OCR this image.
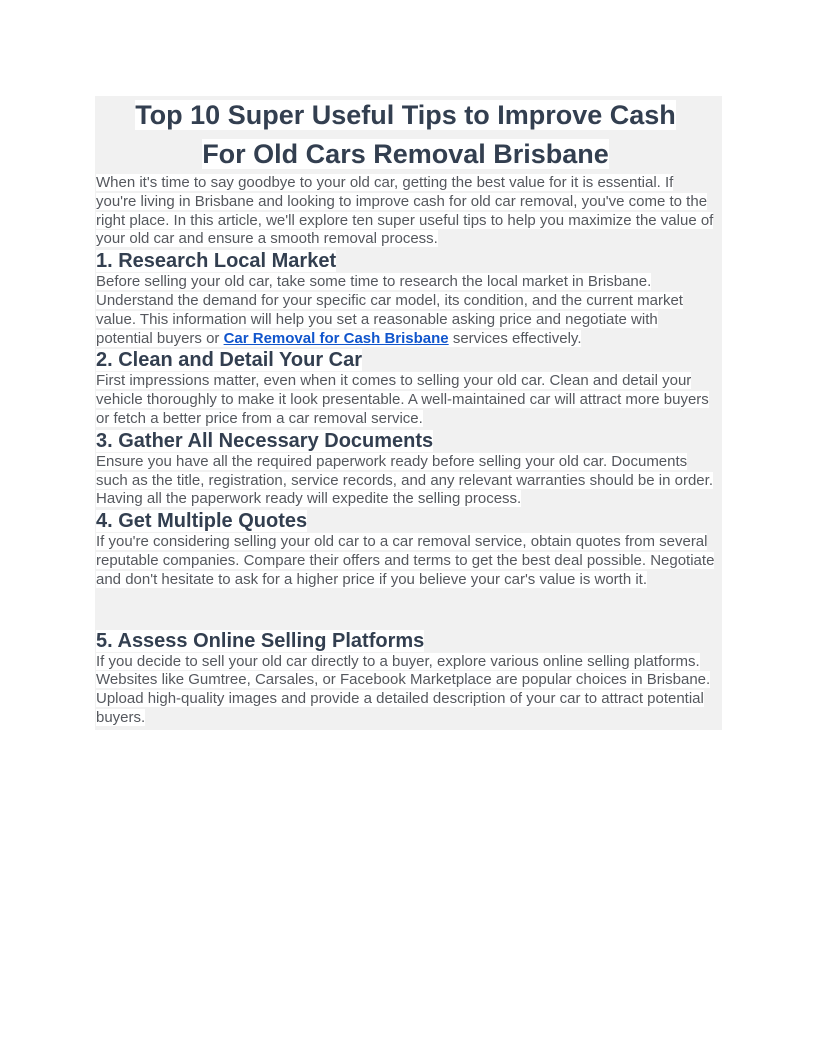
Top 10 Super Useful Tips to Improve Cash
For Old Cars Removal Brisbane

When it's time to say goodbye to your old car, getting the best value for it is essential. If you're living in Brisbane and looking to improve cash for old car removal, you've come to the right place. In this article, we'll explore ten super useful tips to help you maximize the value of your old car and ensure a smooth removal process.

1. Research Local Market

Before selling your old car, take some time to research the local market in Brisbane. Understand the demand for your specific car model, its condition, and the current market value. This information will help you set a reasonable asking price and negotiate with potential buyers or Car Removal for Cash Brisbane services effectively.

2. Clean and Detail Your Car

First impressions matter, even when it comes to selling your old car. Clean and detail your vehicle thoroughly to make it look presentable. A well-maintained car will attract more buyers or fetch a better price from a car removal service.

3. Gather All Necessary Documents

Ensure you have all the required paperwork ready before selling your old car. Documents such as the title, registration, service records, and any relevant warranties should be in order. Having all the paperwork ready will expedite the selling process.

4. Get Multiple Quotes

If you're considering selling your old car to a car removal service, obtain quotes from several reputable companies. Compare their offers and terms to get the best deal possible. Negotiate and don't hesitate to ask for a higher price if you believe your car's value is worth it.

5. Assess Online Selling Platforms

If you decide to sell your old car directly to a buyer, explore various online selling platforms. Websites like Gumtree, Carsales, or Facebook Marketplace are popular choices in Brisbane. Upload high-quality images and provide a detailed description of your car to attract potential buyers.
